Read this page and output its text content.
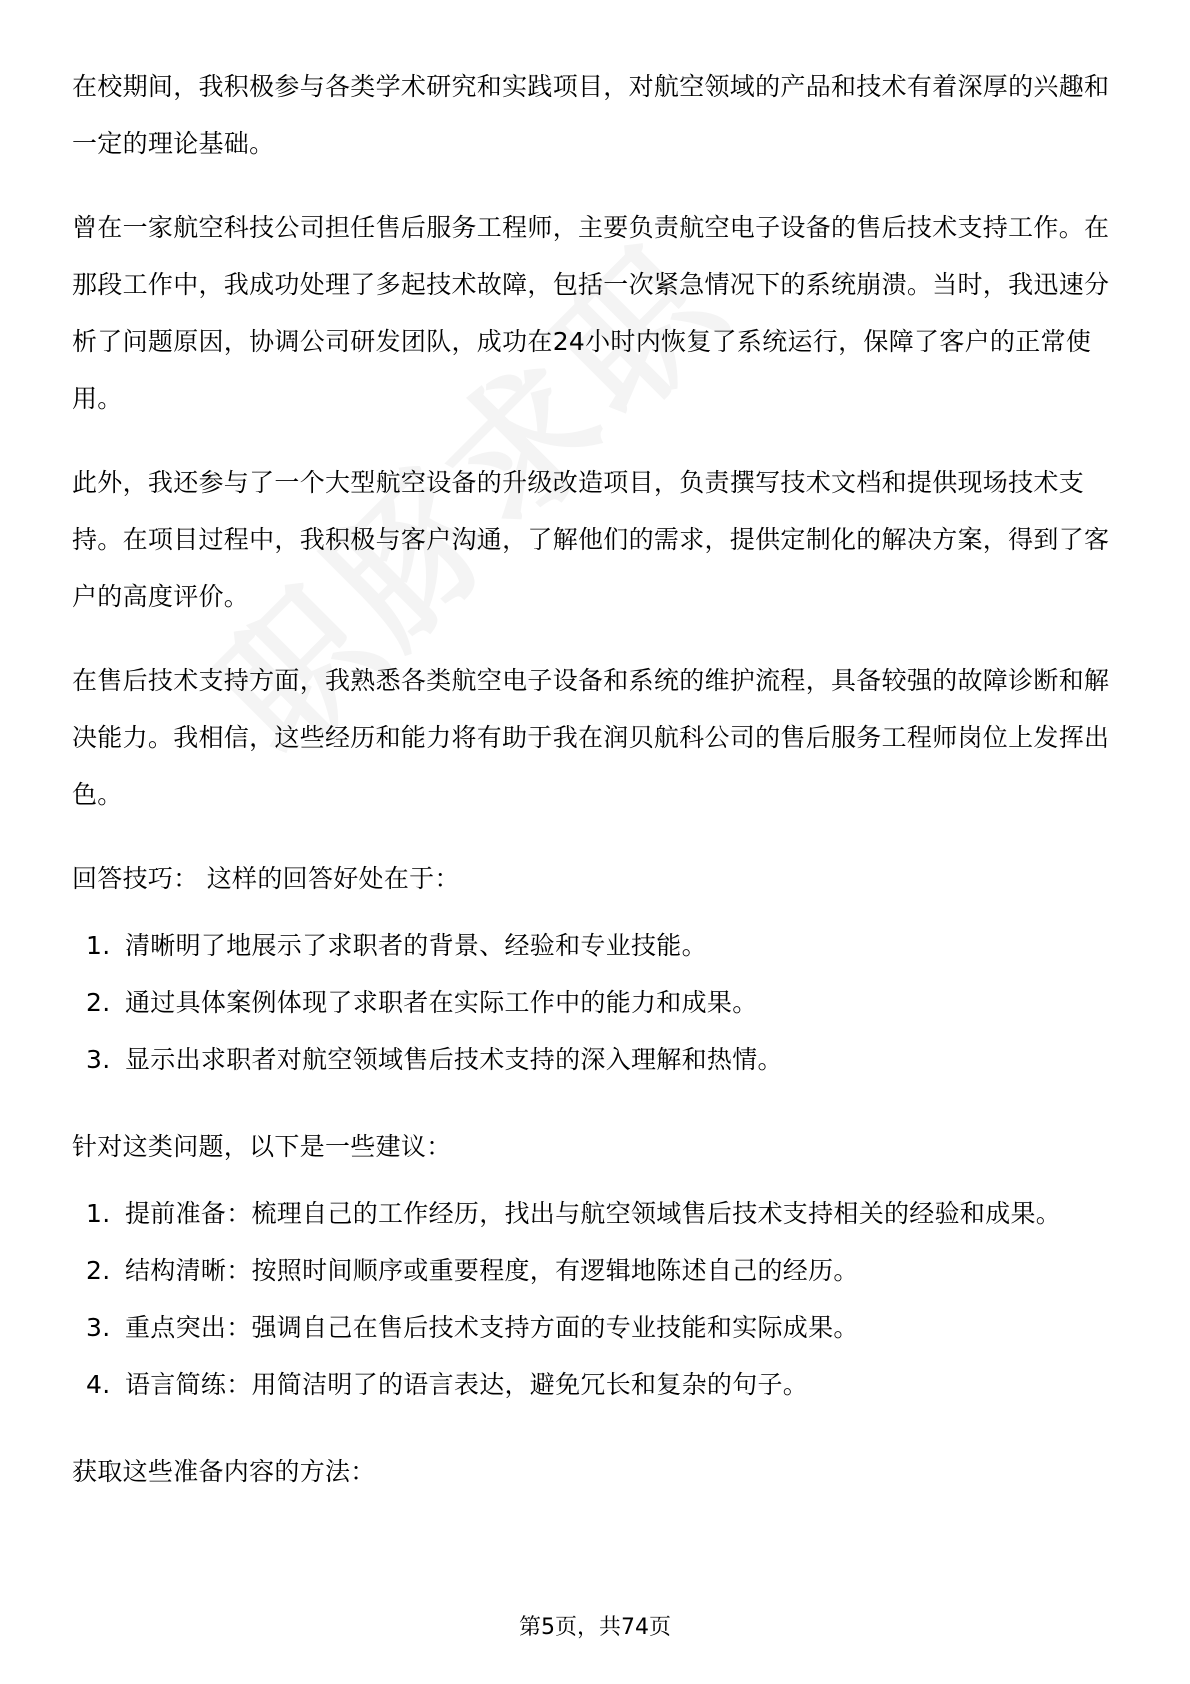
在校期间，我积极参与各类学术研究和实践项目，对航空领域的产品和技术有着深厚的兴趣和一定的理论基础。

曾在一家航空科技公司担任售后服务工程师，主要负责航空电子设备的售后技术支持工作。在那段工作中，我成功处理了多起技术故障，包括一次紧急情况下的系统崩溃。当时，我迅速分析了问题原因，协调公司研发团队，成功在24小时内恢复了系统运行，保障了客户的正常使用。

此外，我还参与了一个大型航空设备的升级改造项目，负责撰写技术文档和提供现场技术支持。在项目过程中，我积极与客户沟通，了解他们的需求，提供定制化的解决方案，得到了客户的高度评价。

在售后技术支持方面，我熟悉各类航空电子设备和系统的维护流程，具备较强的故障诊断和解决能力。我相信，这些经历和能力将有助于我在润贝航科公司的售后服务工程师岗位上发挥出色。

回答技巧： 这样的回答好处在于：

1. 清晰明了地展示了求职者的背景、经验和专业技能。
2. 通过具体案例体现了求职者在实际工作中的能力和成果。
3. 显示出求职者对航空领域售后技术支持的深入理解和热情。

针对这类问题，以下是一些建议：

1. 提前准备：梳理自己的工作经历，找出与航空领域售后技术支持相关的经验和成果。
2. 结构清晰：按照时间顺序或重要程度，有逻辑地陈述自己的经历。
3. 重点突出：强调自己在售后技术支持方面的专业技能和实际成果。
4. 语言简练：用简洁明了的语言表达，避免冗长和复杂的句子。

获取这些准备内容的方法：

第5页，共74页
